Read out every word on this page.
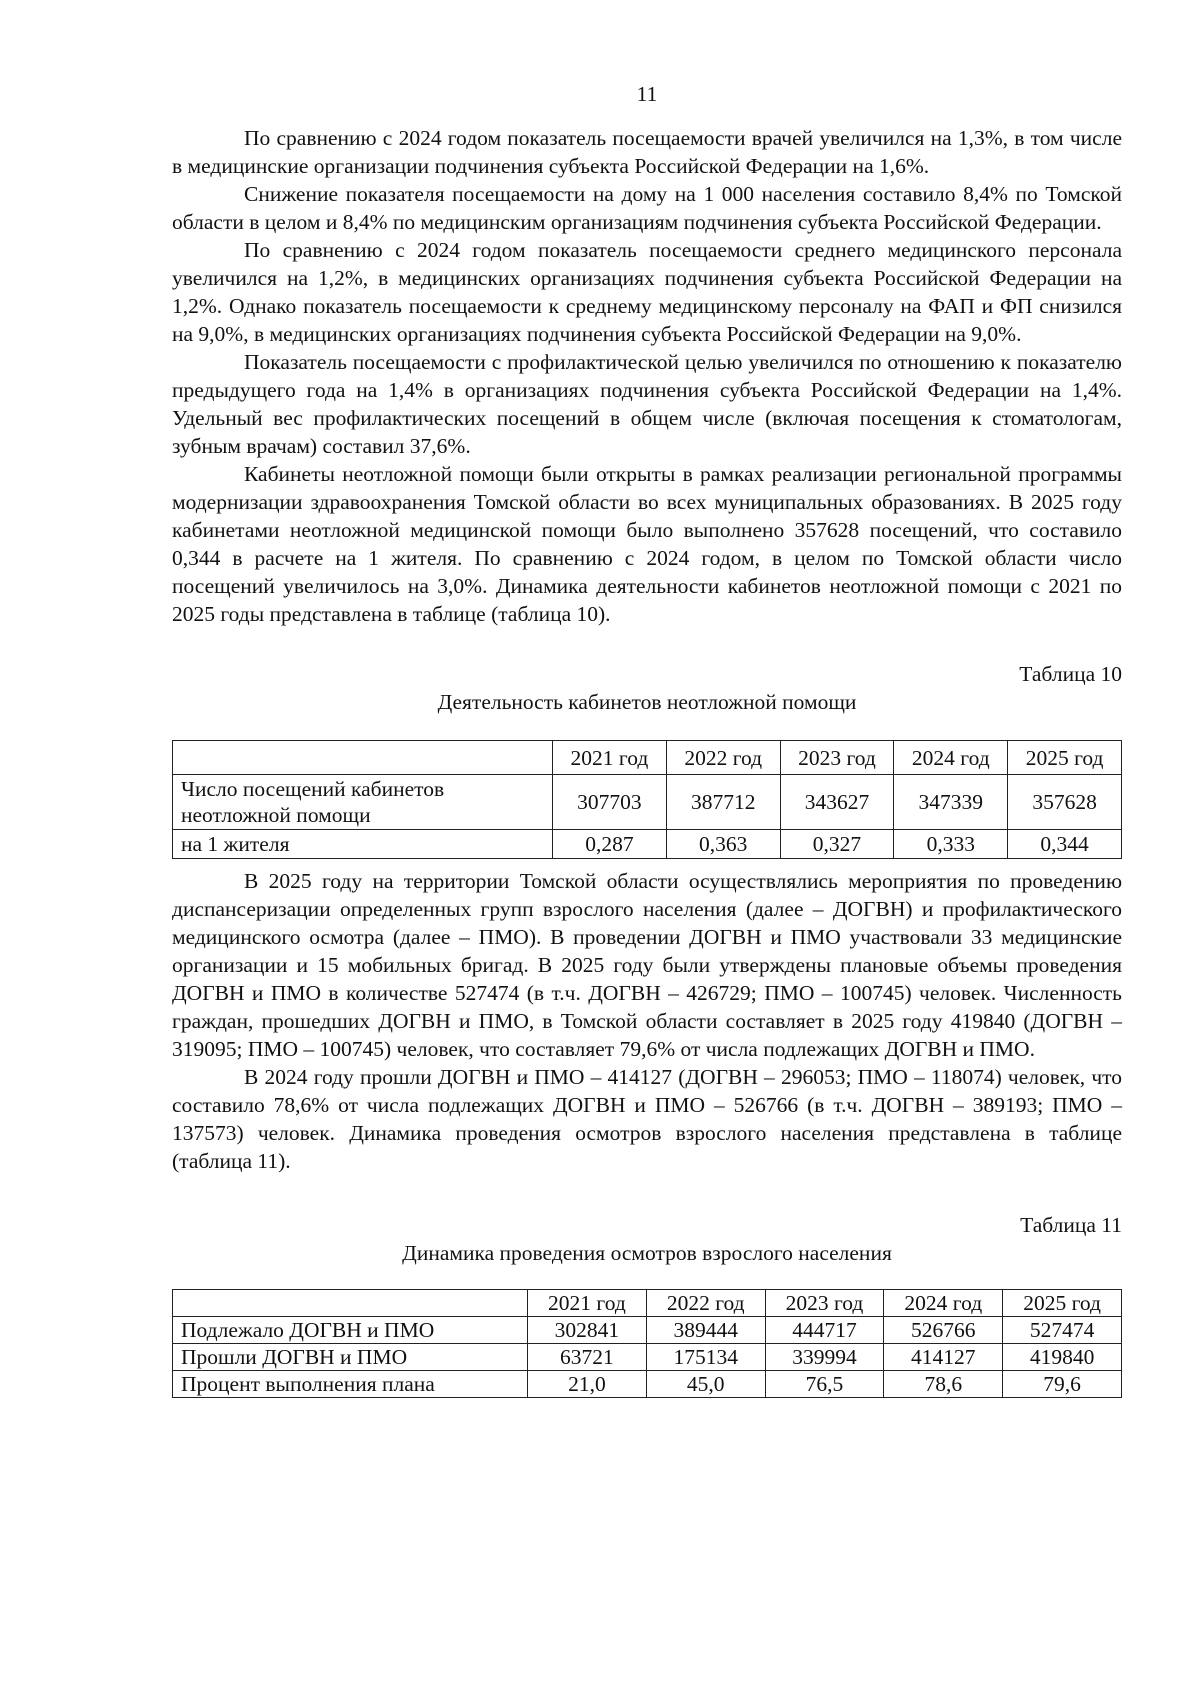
11

По сравнению с 2024 годом показатель посещаемости врачей увеличился на 1,3%, в том числе в медицинские организации подчинения субъекта Российской Федерации на 1,6%.

Снижение показателя посещаемости на дому на 1 000 населения составило 8,4% по Томской области в целом и 8,4% по медицинским организациям подчинения субъекта Российской Федерации.

По сравнению с 2024 годом показатель посещаемости среднего медицинского персонала увеличился на 1,2%, в медицинских организациях подчинения субъекта Российской Федерации на 1,2%. Однако показатель посещаемости к среднему медицинскому персоналу на ФАП и ФП снизился на 9,0%, в медицинских организациях подчинения субъекта Российской Федерации на 9,0%.

Показатель посещаемости с профилактической целью увеличился по отношению к показателю предыдущего года на 1,4% в организациях подчинения субъекта Российской Федерации на 1,4%. Удельный вес профилактических посещений в общем числе (включая посещения к стоматологам, зубным врачам) составил 37,6%.

Кабинеты неотложной помощи были открыты в рамках реализации региональной программы модернизации здравоохранения Томской области во всех муниципальных образованиях. В 2025 году кабинетами неотложной медицинской помощи было выполнено 357628 посещений, что составило 0,344 в расчете на 1 жителя. По сравнению с 2024 годом, в целом по Томской области число посещений увеличилось на 3,0%. Динамика деятельности кабинетов неотложной помощи с 2021 по 2025 годы представлена в таблице (таблица 10).

Таблица 10

Деятельность кабинетов неотложной помощи

	2021 год	2022 год	2023 год	2024 год	2025 год
Число посещений кабинетов неотложной помощи	307703	387712	343627	347339	357628
на 1 жителя	0,287	0,363	0,327	0,333	0,344

В 2025 году на территории Томской области осуществлялись мероприятия по проведению диспансеризации определенных групп взрослого населения (далее – ДОГВН) и профилактического медицинского осмотра (далее – ПМО). В проведении ДОГВН и ПМО участвовали 33 медицинские организации и 15 мобильных бригад. В 2025 году были утверждены плановые объемы проведения ДОГВН и ПМО в количестве 527474 (в т.ч. ДОГВН – 426729; ПМО – 100745) человек. Численность граждан, прошедших ДОГВН и ПМО, в Томской области составляет в 2025 году 419840 (ДОГВН – 319095; ПМО – 100745) человек, что составляет 79,6% от числа подлежащих ДОГВН и ПМО.

В 2024 году прошли ДОГВН и ПМО – 414127 (ДОГВН – 296053; ПМО – 118074) человек, что составило 78,6% от числа подлежащих ДОГВН и ПМО – 526766 (в т.ч. ДОГВН – 389193; ПМО – 137573) человек. Динамика проведения осмотров взрослого населения представлена в таблице (таблица 11).

Таблица 11

Динамика проведения осмотров взрослого населения

	2021 год	2022 год	2023 год	2024 год	2025 год
Подлежало ДОГВН и ПМО	302841	389444	444717	526766	527474
Прошли ДОГВН и ПМО	63721	175134	339994	414127	419840
Процент выполнения плана	21,0	45,0	76,5	78,6	79,6
